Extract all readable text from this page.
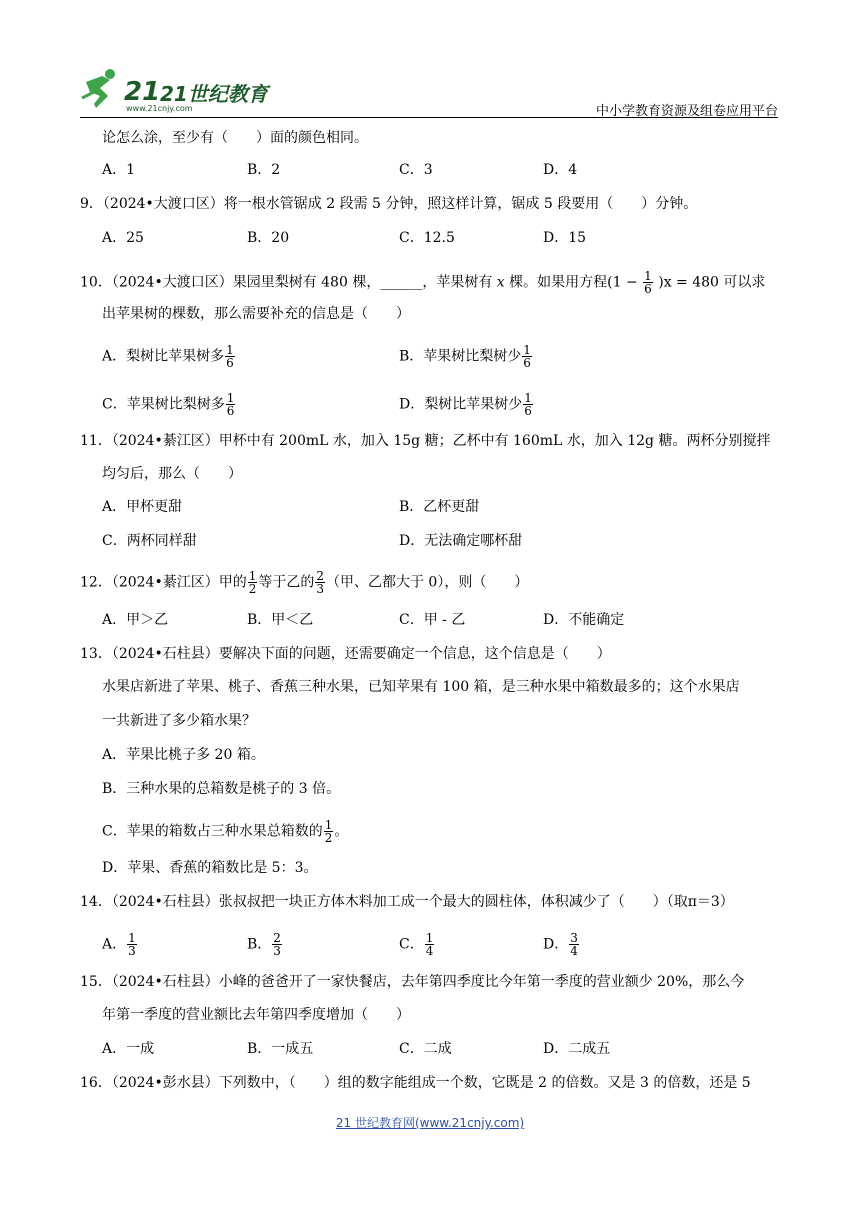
21 21世纪教育
www.21cnjy.com	中小学教育资源及组卷应用平台
论怎么涂，至少有（　　）面的颜色相同。
A．1	B．2	C．3	D．4
9．（2024•大渡口区）将一根水管锯成 2 段需 5 分钟，照这样计算，锯成 5 段要用（　　）分钟。
A．25	B．20	C．12.5	D．15
10．（2024•大渡口区）果园里梨树有 480 棵，______，苹果树有 x 棵。如果用方程$(1 - \frac{1}{6} )x = 480$ 可以求
出苹果树的棵数，那么需要补充的信息是（　　）
A．梨树比苹果树多 $\frac{1}{6}$	B．苹果树比梨树少 $\frac{1}{6}$
C．苹果树比梨树多 $\frac{1}{6}$	D．梨树比苹果树少 $\frac{1}{6}$
11．（2024•綦江区）甲杯中有 200mL 水，加入 15g 糖；乙杯中有 160mL 水，加入 12g 糖。两杯分别搅拌
均匀后，那么（　　）
A．甲杯更甜	B．乙杯更甜
C．两杯同样甜	D．无法确定哪杯甜
12．（2024•綦江区）甲的 $\frac{1}{2}$ 等于乙的 $\frac{2}{3}$ （甲、乙都大于 0），则（　　）
A．甲＞乙	B．甲＜乙	C．甲 - 乙	D．不能确定
13．（2024•石柱县）要解决下面的问题，还需要确定一个信息，这个信息是（　　）
水果店新进了苹果、桃子、香蕉三种水果，已知苹果有 100 箱，是三种水果中箱数最多的；这个水果店
一共新进了多少箱水果？
A．苹果比桃子多 20 箱。
B．三种水果的总箱数是桃子的 3 倍。
C．苹果的箱数占三种水果总箱数的 $\frac{1}{2}$ 。
D．苹果、香蕉的箱数比是 5：3。
14．（2024•石柱县）张叔叔把一块正方体木料加工成一个最大的圆柱体，体积减少了（　　）（取π＝3）
A． $\frac{1}{3}$	B． $\frac{2}{3}$	C． $\frac{1}{4}$	D． $\frac{3}{4}$
15．（2024•石柱县）小峰的爸爸开了一家快餐店，去年第四季度比今年第一季度的营业额少 20%，那么今
年第一季度的营业额比去年第四季度增加（　　）
A．一成	B．一成五	C．二成	D．二成五
16．（2024•彭水县）下列数中，（　　）组的数字能组成一个数，它既是 2 的倍数。又是 3 的倍数，还是 5
21 世纪教育网(www.21cnjy.com)
